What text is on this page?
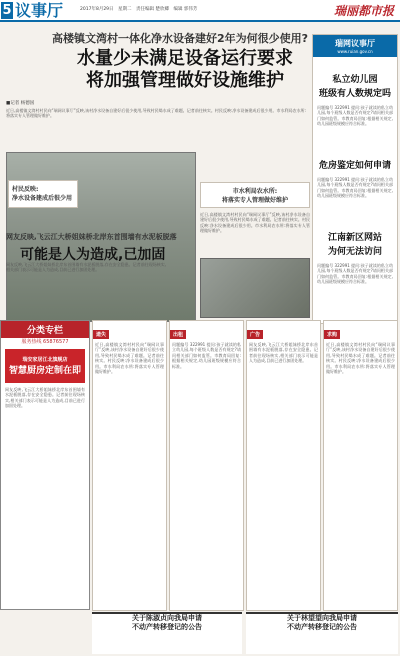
5 议事厅	2017年8月29日　 星期二　责任编辑 楚欣卿　编辑 郭伟芳	瑞丽都市报
高楼镇文湾村一体化净水设备建好2年为何很少使用?
水量少未满足设备运行要求
将加强管理做好设施维护
■记者 杨德国
近日,高楼镇文湾村村民向“瑞网议事厅”反映,该村净水设备自建好后很少使用,导致村民喝水成了难题。记者前往核实。村民反映:净水设备建成后很少用。市水利局农水所:将落实专人管理做好维护。
村民反映:
净水设备建成后很少用
市水利局农水所:
将落实专人管理做好维护
近日,高楼镇文湾村村民向“瑞网议事厅”反映,该村净水设备自建好后很少使用,导致村民喝水成了难题。记者前往核实。村民反映:净水设备建成后很少用。市水利局农水所:将落实专人管理做好维护。
瑞网议事厅
www.ruian.gov.cn
私立幼儿园
班级有人数规定吗
问题编号 322991 提问:孩子就读的私立幼儿园,每个班级人数是否有规定?请问相关部门如何监管。市教育局回复:根据相关规定,幼儿园班级规模应符合标准。
危房鉴定如何申请
问题编号 322991 提问:孩子就读的私立幼儿园,每个班级人数是否有规定?请问相关部门如何监管。市教育局回复:根据相关规定,幼儿园班级规模应符合标准。
江南新区网站
为何无法访问
问题编号 322991 提问:孩子就读的私立幼儿园,每个班级人数是否有规定?请问相关部门如何监管。市教育局回复:根据相关规定,幼儿园班级规模应符合标准。
网友反映,飞云江大桥姐妹桥北岸东首围墙有水泥板脱落
可能是人为造成,已加固
网友反映,飞云江大桥姐妹桥北岸东首围墙有水泥板脱落,存在安全隐患。记者前往现场核实,相关部门表示可能是人为造成,目前已进行加固处理。
分类专栏
服务热线 65876577
瑞安家居江北旗舰店
智慧厨房定制在即
网友反映,飞云江大桥姐妹桥北岸东首围墙有水泥板脱落,存在安全隐患。记者前往现场核实,相关部门表示可能是人为造成,目前已进行加固处理。
遗失
近日,高楼镇文湾村村民向“瑞网议事厅”反映,该村净水设备自建好后很少使用,导致村民喝水成了难题。记者前往核实。村民反映:净水设备建成后很少用。市水利局农水所:将落实专人管理做好维护。
出租
问题编号 322991 提问:孩子就读的私立幼儿园,每个班级人数是否有规定?请问相关部门如何监管。市教育局回复:根据相关规定,幼儿园班级规模应符合标准。
广告
网友反映,飞云江大桥姐妹桥北岸东首围墙有水泥板脱落,存在安全隐患。记者前往现场核实,相关部门表示可能是人为造成,目前已进行加固处理。
求购
近日,高楼镇文湾村村民向“瑞网议事厅”反映,该村净水设备自建好后很少使用,导致村民喝水成了难题。记者前往核实。村民反映:净水设备建成后很少用。市水利局农水所:将落实专人管理做好维护。
关于陈淑贞向我局申请
不动产转移登记的公告
关于林望望向我局申请
不动产转移登记的公告
